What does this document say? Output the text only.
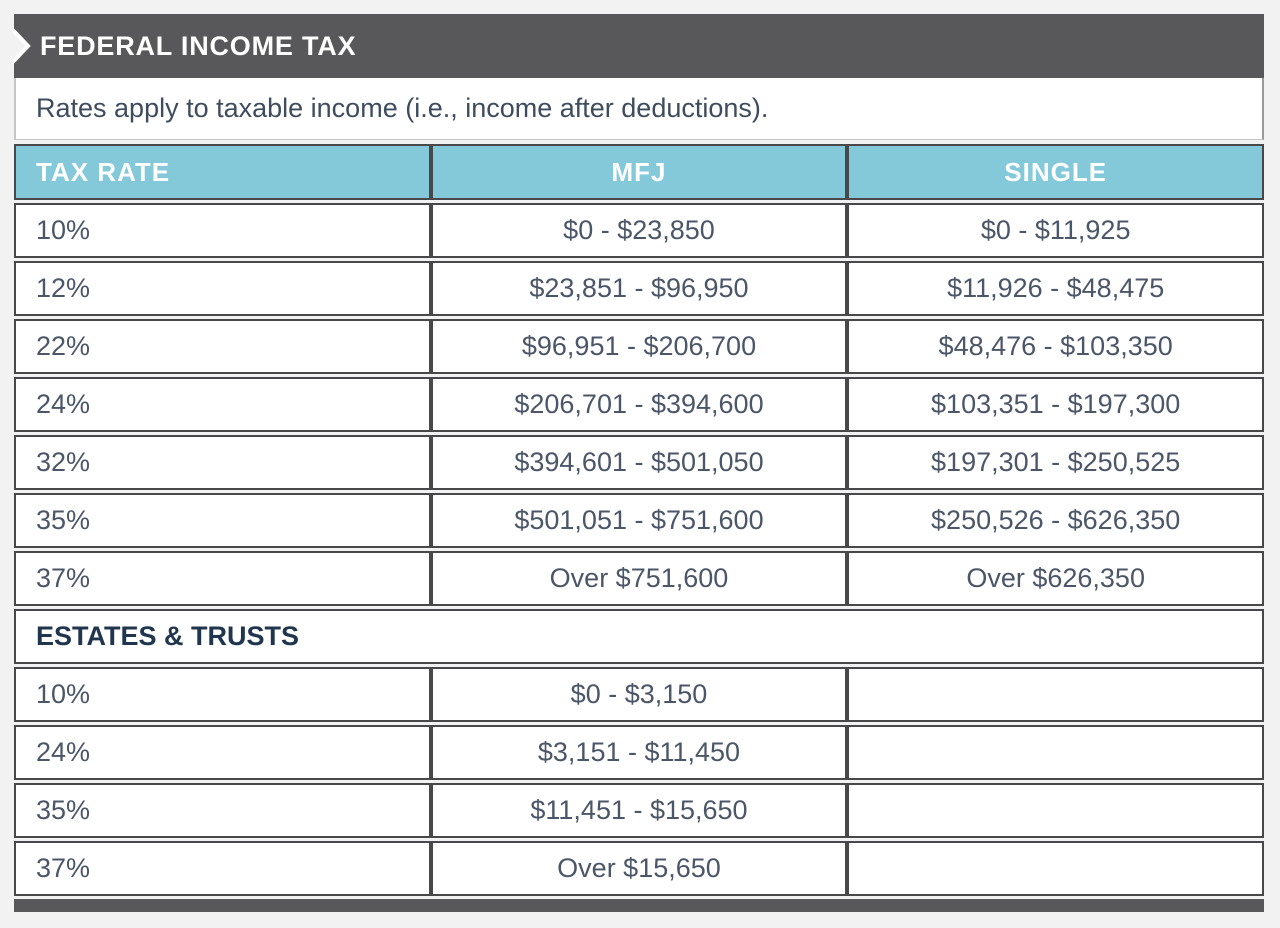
FEDERAL INCOME TAX
Rates apply to taxable income (i.e., income after deductions).
TAX RATE	MFJ	SINGLE
10%	$0 - $23,850	$0 - $11,925
12%	$23,851 - $96,950	$11,926 - $48,475
22%	$96,951 - $206,700	$48,476 - $103,350
24%	$206,701 - $394,600	$103,351 - $197,300
32%	$394,601 - $501,050	$197,301 - $250,525
35%	$501,051 - $751,600	$250,526 - $626,350
37%	Over $751,600	Over $626,350
ESTATES & TRUSTS		
10%	$0 - $3,150	
24%	$3,151 - $11,450	
35%	$11,451 - $15,650	
37%	Over $15,650	
